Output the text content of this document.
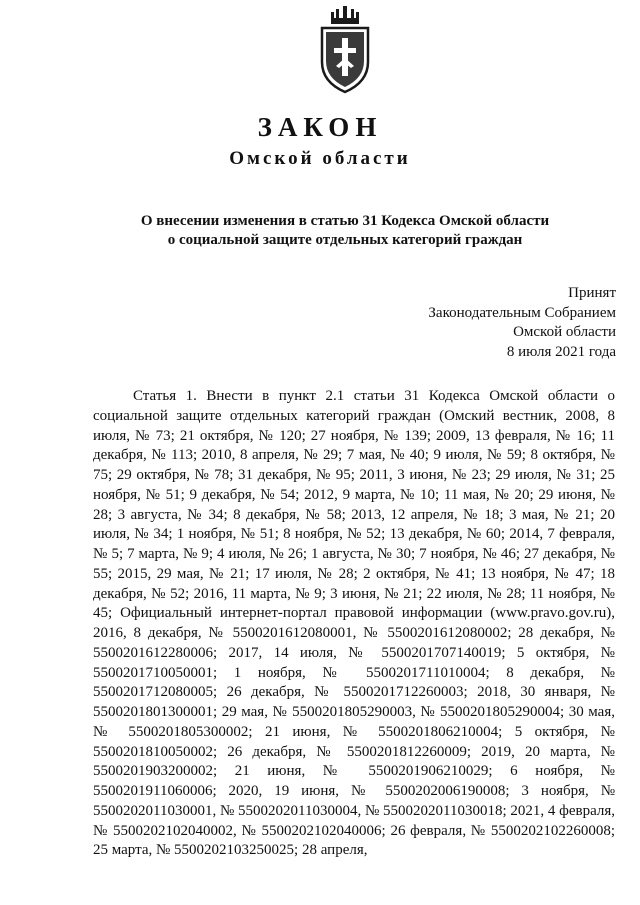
ЗАКОН
Омской области
О внесении изменения в статью 31 Кодекса Омской области
о социальной защите отдельных категорий граждан
Принят
Законодательным Собранием
Омской области
8 июля 2021 года

Статья 1. Внести в пункт 2.1 статьи 31 Кодекса Омской области о социальной защите отдельных категорий граждан (Омский вестник, 2008, 8 июля, № 73; 21 октября, № 120; 27 ноября, № 139; 2009, 13 февраля, № 16; 11 декабря, № 113; 2010, 8 апреля, № 29; 7 мая, № 40; 9 июля, № 59; 8 октября, № 75; 29 октября, № 78; 31 декабря, № 95; 2011, 3 июня, № 23; 29 июля, № 31; 25 ноября, № 51; 9 декабря, № 54; 2012, 9 марта, № 10; 11 мая, № 20; 29 июня, № 28; 3 августа, № 34; 8 декабря, № 58; 2013, 12 апреля, № 18; 3 мая, № 21; 20 июля, № 34; 1 ноября, № 51; 8 ноября, № 52; 13 декабря, № 60; 2014, 7 февраля, № 5; 7 марта, № 9; 4 июля, № 26; 1 августа, № 30; 7 ноября, № 46; 27 декабря, № 55; 2015, 29 мая, № 21; 17 июля, № 28; 2 октября, № 41; 13 ноября, № 47; 18 декабря, № 52; 2016, 11 марта, № 9; 3 июня, № 21; 22 июля, № 28; 11 ноября, № 45; Официальный интернет-портал правовой информации (www.pravo.gov.ru), 2016, 8 декабря, № 5500201612080001, № 5500201612080002; 28 декабря, № 5500201612280006; 2017, 14 июля, № 5500201707140019; 5 октября, № 5500201710050001; 1 ноября, № 5500201711010004; 8 декабря, № 5500201712080005; 26 декабря, № 5500201712260003; 2018, 30 января, № 5500201801300001; 29 мая, № 5500201805290003, № 5500201805290004; 30 мая, № 5500201805300002; 21 июня, № 5500201806210004; 5 октября, № 5500201810050002; 26 декабря, № 5500201812260009; 2019, 20 марта, № 5500201903200002; 21 июня, № 5500201906210029; 6 ноября, № 5500201911060006; 2020, 19 июня, № 5500202006190008; 3 ноября, № 5500202011030001, № 5500202011030004, № 5500202011030018; 2021, 4 февраля, № 5500202102040002, № 5500202102040006; 26 февраля, № 5500202102260008; 25 марта, № 5500202103250025; 28 апреля,
